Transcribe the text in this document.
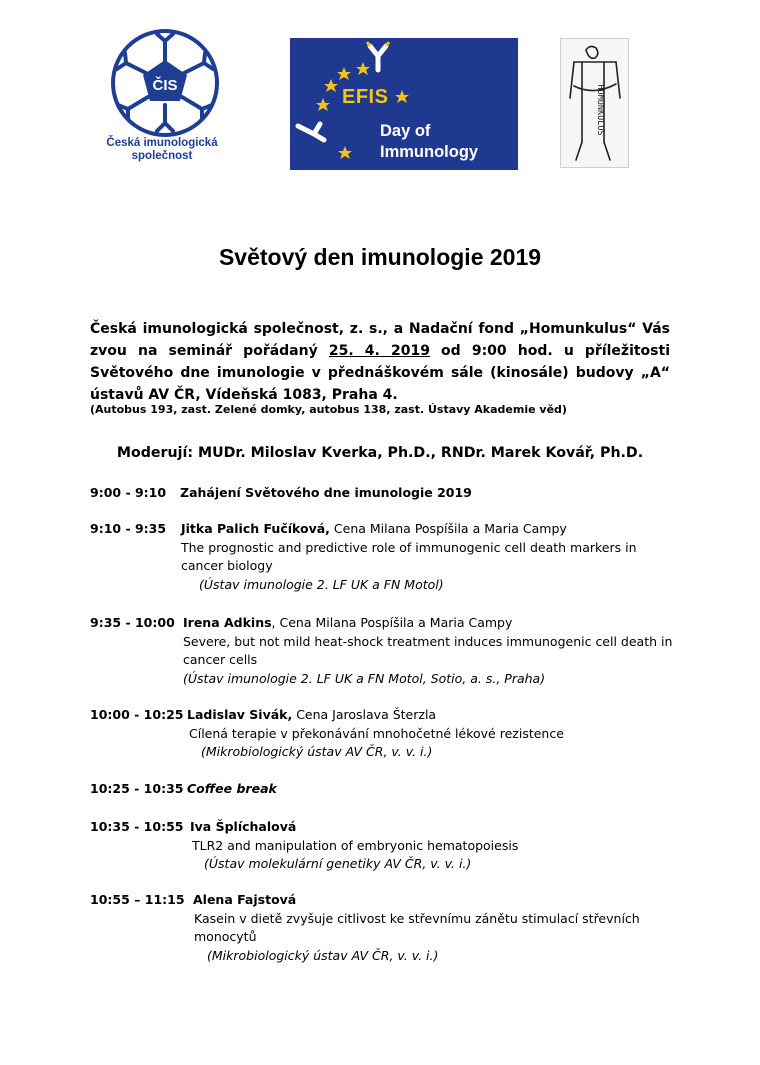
ČIS
Česká imunologická
společnost
EFIS
Day of
Immunology
HOMUNKULUS
Světový den imunologie 2019

Česká imunologická společnost, z. s., a Nadační fond „Homunkulus“ Vás zvou na seminář pořádaný 25. 4. 2019 od 9:00 hod. u příležitosti Světového dne imunologie v přednáškovém sále (kinosále) budovy „A“ ústavů AV ČR, Vídeňská 1083, Praha 4.

(Autobus 193, zast. Zelené domky, autobus 138, zast. Ústavy Akademie věd)

Moderují: MUDr. Miloslav Kverka, Ph.D., RNDr. Marek Kovář, Ph.D.

9:00 - 9:10 Zahájení Světového dne imunologie 2019
9:10 - 9:35 Jitka Palich Fučíková, Cena Milana Pospíšila a Maria Campy
The prognostic and predictive role of immunogenic cell death markers in
cancer biology
(Ústav imunologie 2. LF UK a FN Motol)
9:35 - 10:00 Irena Adkins, Cena Milana Pospíšila a Maria Campy
Severe, but not mild heat-shock treatment induces immunogenic cell death in
cancer cells
(Ústav imunologie 2. LF UK a FN Motol, Sotio, a. s., Praha)
10:00 - 10:25 Ladislav Sivák, Cena Jaroslava Šterzla
Cílená terapie v překonávání mnohočetné lékové rezistence
(Mikrobiologický ústav AV ČR, v. v. i.)
10:25 - 10:35 Coffee break
10:35 - 10:55 Iva Šplíchalová
TLR2 and manipulation of embryonic hematopoiesis
(Ústav molekulární genetiky AV ČR, v. v. i.)
10:55 – 11:15 Alena Fajstová
Kasein v dietě zvyšuje citlivost ke střevnímu zánětu stimulací střevních
monocytů
(Mikrobiologický ústav AV ČR, v. v. i.)
